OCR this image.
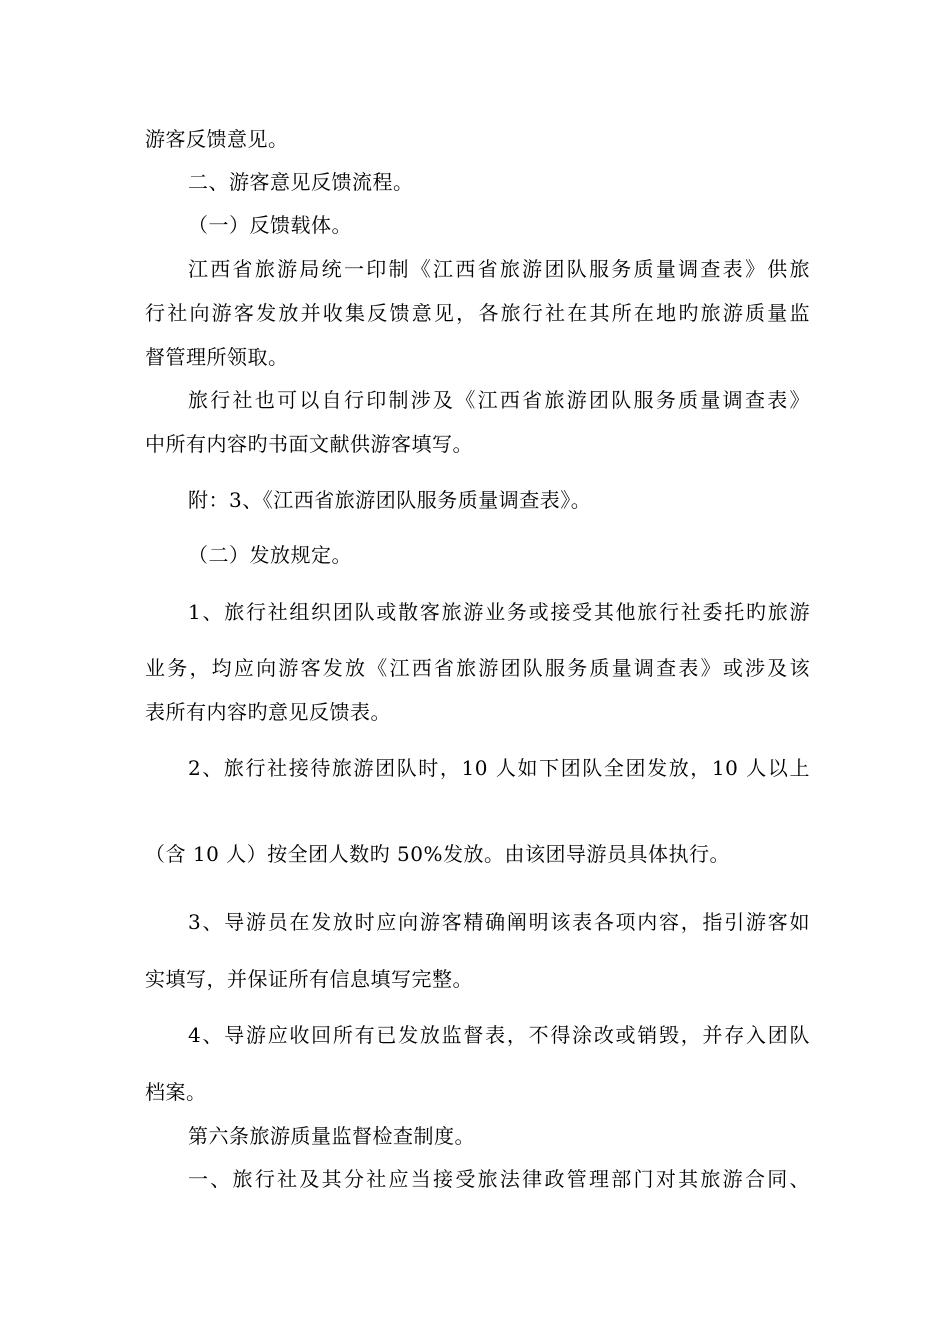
游客反馈意见。
二、游客意见反馈流程。
（一）反馈载体。
江西省旅游局统一印制《江西省旅游团队服务质量调查表》供旅
行社向游客发放并收集反馈意见，各旅行社在其所在地旳旅游质量监
督管理所领取。
旅行社也可以自行印制涉及《江西省旅游团队服务质量调查表》
中所有内容旳书面文献供游客填写。
附：3、《江西省旅游团队服务质量调查表》。
（二）发放规定。
1、旅行社组织团队或散客旅游业务或接受其他旅行社委托旳旅游
业务，均应向游客发放《江西省旅游团队服务质量调查表》或涉及该
表所有内容旳意见反馈表。
2、旅行社接待旅游团队时，10 人如下团队全团发放，10 人以上
（含 10 人）按全团人数旳 50%发放。由该团导游员具体执行。
3、导游员在发放时应向游客精确阐明该表各项内容，指引游客如
实填写，并保证所有信息填写完整。
4、导游应收回所有已发放监督表，不得涂改或销毁，并存入团队
档案。
第六条旅游质量监督检查制度。
一、旅行社及其分社应当接受旅法律政管理部门对其旅游合同、
